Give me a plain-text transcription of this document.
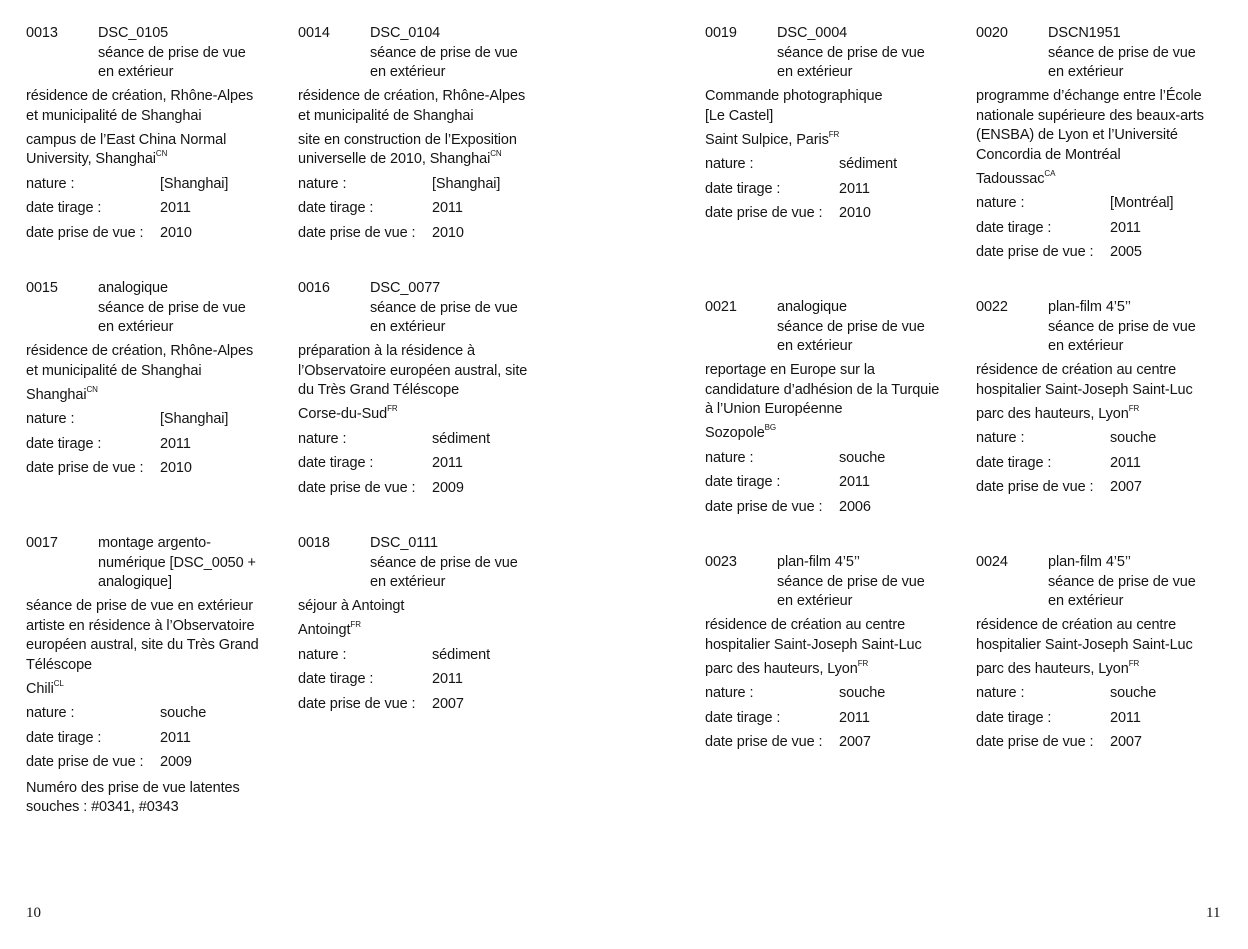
0013	DSC_0105
séance de prise de vue
en extérieur
résidence de création, Rhône-Alpes
et municipalité de Shanghai
campus de l’East China Normal University, Shanghai$^{CN}$
nature :	[Shanghai]
date tirage :	2011
date prise de vue :	2010
0014	DSC_0104
séance de prise de vue
en extérieur
résidence de création, Rhône-Alpes
et municipalité de Shanghai
site en construction de l’Exposition universelle de 2010, Shanghai$^{CN}$
nature :	[Shanghai]
date tirage :	2011
date prise de vue :	2010
0015	analogique
séance de prise de vue
en extérieur
résidence de création, Rhône-Alpes
et municipalité de Shanghai
Shanghai$^{CN}$
nature :	[Shanghai]
date tirage :	2011
date prise de vue :	2010
0016	DSC_0077
séance de prise de vue
en extérieur
préparation à la résidence à
l’Observatoire européen austral, site
du Très Grand Téléscope
Corse-du-Sud$^{FR}$
nature :	sédiment
date tirage :	2011
date prise de vue :	2009
0017	montage argento-
numérique [DSC_0050 +
analogique]
séance de prise de vue en extérieur
artiste en résidence à l’Observatoire
européen austral, site du Très Grand
Téléscope
Chili$^{CL}$
nature :	souche
date tirage :	2011
date prise de vue :	2009
Numéro des prise de vue latentes
souches : #0341, #0343
0018	DSC_0111
séance de prise de vue
en extérieur
séjour à Antoingt
Antoingt$^{FR}$
nature :	sédiment
date tirage :	2011
date prise de vue :	2007
0019	DSC_0004
séance de prise de vue
en extérieur
Commande photographique
[Le Castel]
Saint Sulpice, Paris$^{FR}$
nature :	sédiment
date tirage :	2011
date prise de vue :	2010
0020	DSCN1951
séance de prise de vue
en extérieur
programme d’échange entre l’École
nationale supérieure des beaux-arts
(ENSBA) de Lyon et l’Université
Concordia de Montréal
Tadoussac$^{CA}$
nature :	[Montréal]
date tirage :	2011
date prise de vue :	2005
0021	analogique
séance de prise de vue
en extérieur
reportage en Europe sur la
candidature d’adhésion de la Turquie
à l’Union Européenne
Sozopole$^{BG}$
nature :	souche
date tirage :	2011
date prise de vue :	2006
0022	plan-film 4’5’’
séance de prise de vue
en extérieur
résidence de création au centre
hospitalier Saint-Joseph Saint-Luc
parc des hauteurs, Lyon$^{FR}$
nature :	souche
date tirage :	2011
date prise de vue :	2007
0023	plan-film 4’5’’
séance de prise de vue
en extérieur
résidence de création au centre
hospitalier Saint-Joseph Saint-Luc
parc des hauteurs, Lyon$^{FR}$
nature :	souche
date tirage :	2011
date prise de vue :	2007
0024	plan-film 4’5’’
séance de prise de vue
en extérieur
résidence de création au centre
hospitalier Saint-Joseph Saint-Luc
parc des hauteurs, Lyon$^{FR}$
nature :	souche
date tirage :	2011
date prise de vue :	2007
10	11
